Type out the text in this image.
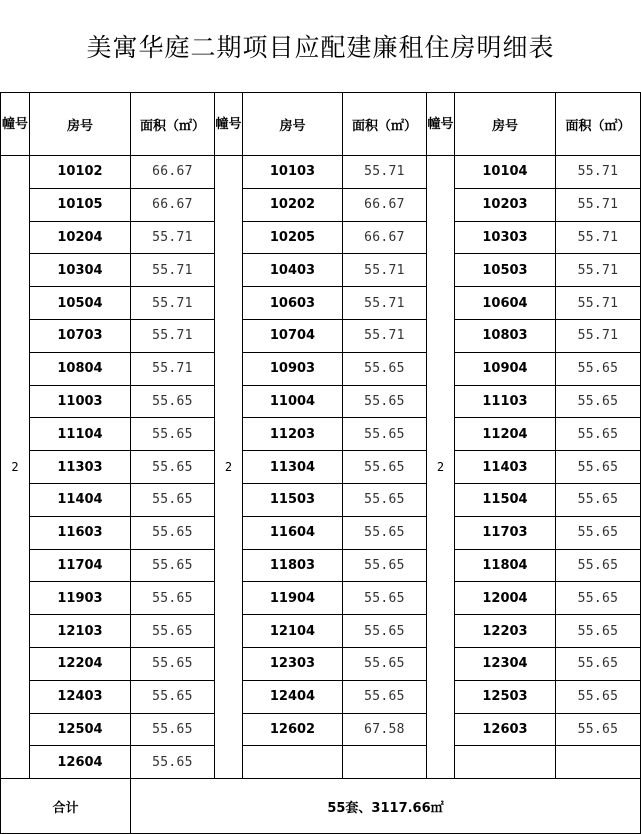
美寓华庭二期项目应配建廉租住房明细表
幢号	房号	面积（㎡）	幢号	房号	面积（㎡）	幢号	房号	面积（㎡）
2	10102	66.67	2	10103	55.71	2	10104	55.71
	10105	66.67		10202	66.67		10203	55.71
	10204	55.71		10205	66.67		10303	55.71
	10304	55.71		10403	55.71		10503	55.71
	10504	55.71		10603	55.71		10604	55.71
	10703	55.71		10704	55.71		10803	55.71
	10804	55.71		10903	55.65		10904	55.65
	11003	55.65		11004	55.65		11103	55.65
	11104	55.65		11203	55.65		11204	55.65
	11303	55.65		11304	55.65		11403	55.65
	11404	55.65		11503	55.65		11504	55.65
	11603	55.65		11604	55.65		11703	55.65
	11704	55.65		11803	55.65		11804	55.65
	11903	55.65		11904	55.65		12004	55.65
	12103	55.65		12104	55.65		12203	55.65
	12204	55.65		12303	55.65		12304	55.65
	12403	55.65		12404	55.65		12503	55.65
	12504	55.65		12602	67.58		12603	55.65
	12604	55.65						
合计		55套、3117.66㎡						
